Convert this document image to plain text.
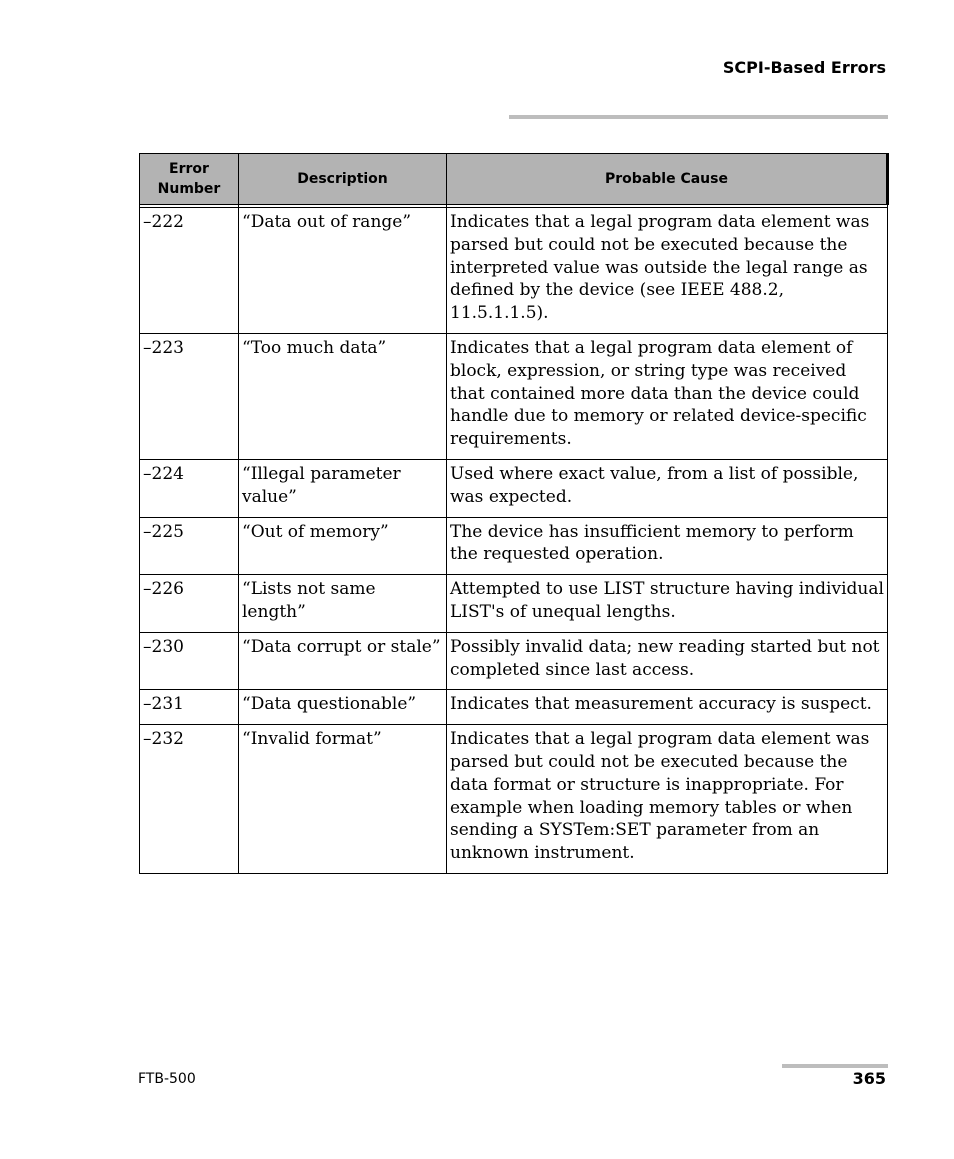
SCPI-Based Errors
Error
Number	Description	Probable Cause

–222	“Data out of range”	Indicates that a legal program data element was parsed but could not be executed because the interpreted value was outside the legal range as defined by the device (see IEEE 488.2, 11.5.1.1.5).
–223	“Too much data”	Indicates that a legal program data element of block, expression, or string type was received that contained more data than the device could handle due to memory or related device-specific requirements.
–224	“Illegal parameter value”	Used where exact value, from a list of possible, was expected.
–225	“Out of memory”	The device has insufficient memory to perform the requested operation.
–226	“Lists not same length”	Attempted to use LIST structure having individual LIST's of unequal lengths.
–230	“Data corrupt or stale”	Possibly invalid data; new reading started but not completed since last access.
–231	“Data questionable”	Indicates that measurement accuracy is suspect.
–232	“Invalid format”	Indicates that a legal program data element was parsed but could not be executed because the data format or structure is inappropriate. For example when loading memory tables or when sending a SYSTem:SET parameter from an unknown instrument.
FTB-500	365
